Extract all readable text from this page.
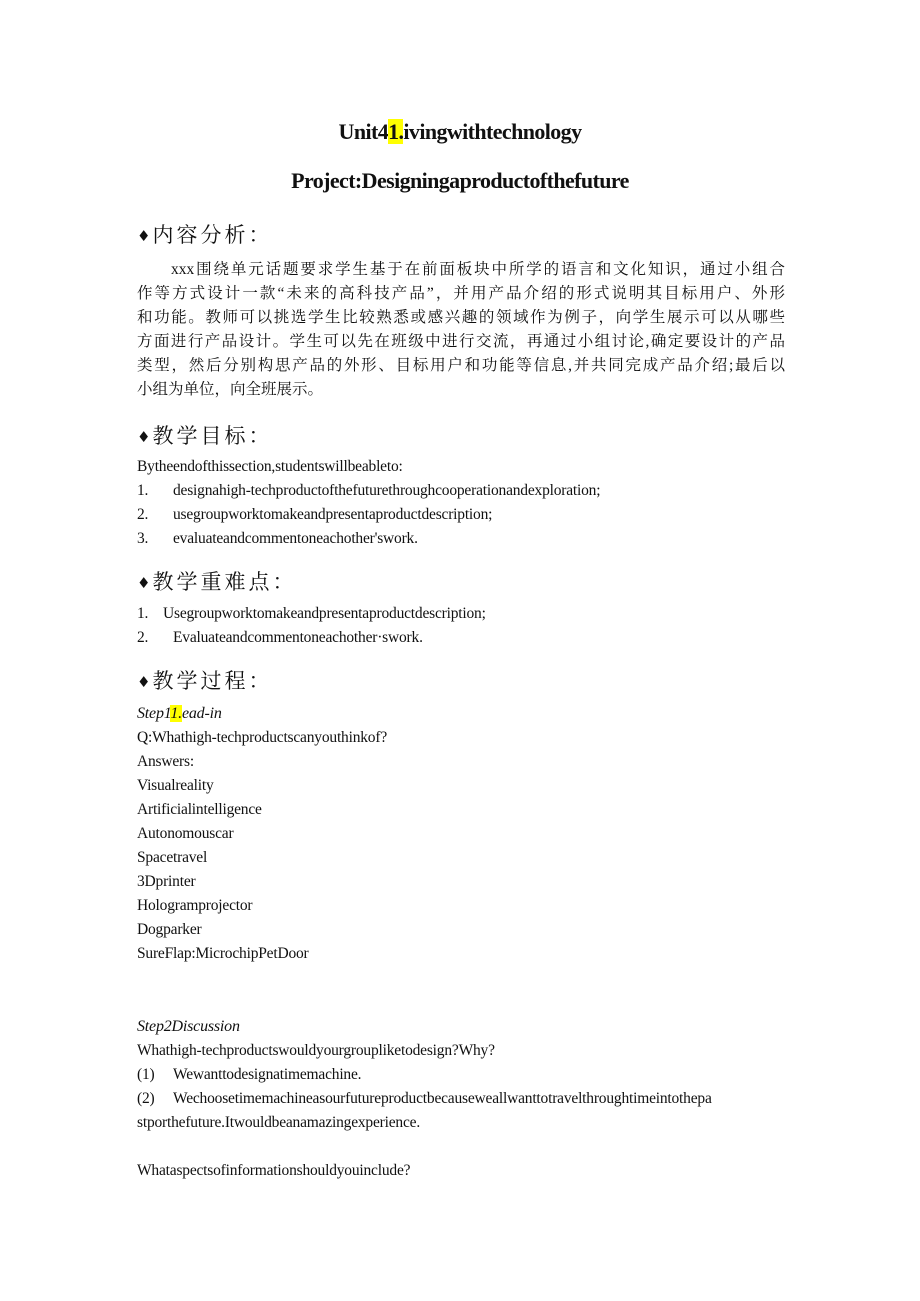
Unit41.ivingwithtechnology
Project:Designingaproductofthefuture
♦内容分析：
xxx围绕单元话题要求学生基于在前面板块中所学的语言和文化知识，通过小组合
作等方式设计一款“未来的高科技产品”，并用产品介绍的形式说明其目标用户、外形
和功能。教师可以挑选学生比较熟悉或感兴趣的领域作为例子，向学生展示可以从哪些
方面进行产品设计。学生可以先在班级中进行交流，再通过小组讨论,确定要设计的产品
类型，然后分别构思产品的外形、目标用户和功能等信息,并共同完成产品介绍;最后以
小组为单位，向全班展示。
♦教学目标：
Bytheendofthissection,studentswillbeableto:
1. designahigh-techproductofthefuturethroughcooperationandexploration;
2. usegroupworktomakeandpresentaproductdescription;
3. evaluateandcommentoneachother'swork.
♦教学重难点：
1. Usegroupworktomakeandpresentaproductdescription;
2. Evaluateandcommentoneachother·swork.
♦教学过程：
Step11.ead-in
Q:Whathigh-techproductscanyouthinkof?
Answers:
Visualreality
Artificialintelligence
Autonomouscar
Spacetravel
3Dprinter
Hologramprojector
Dogparker
SureFlap:MicrochipPetDoor
Step2Discussion
Whathigh-techproductswouldyourgroupliketodesign?Why?
(1) Wewanttodesignatimemachine.
(2) Wechoosetimemachineasourfutureproductbecauseweallwanttotravelthroughtimeintothepa
stporthefuture.Itwouldbeanamazingexperience.
Whataspectsofinformationshouldyouinclude?
